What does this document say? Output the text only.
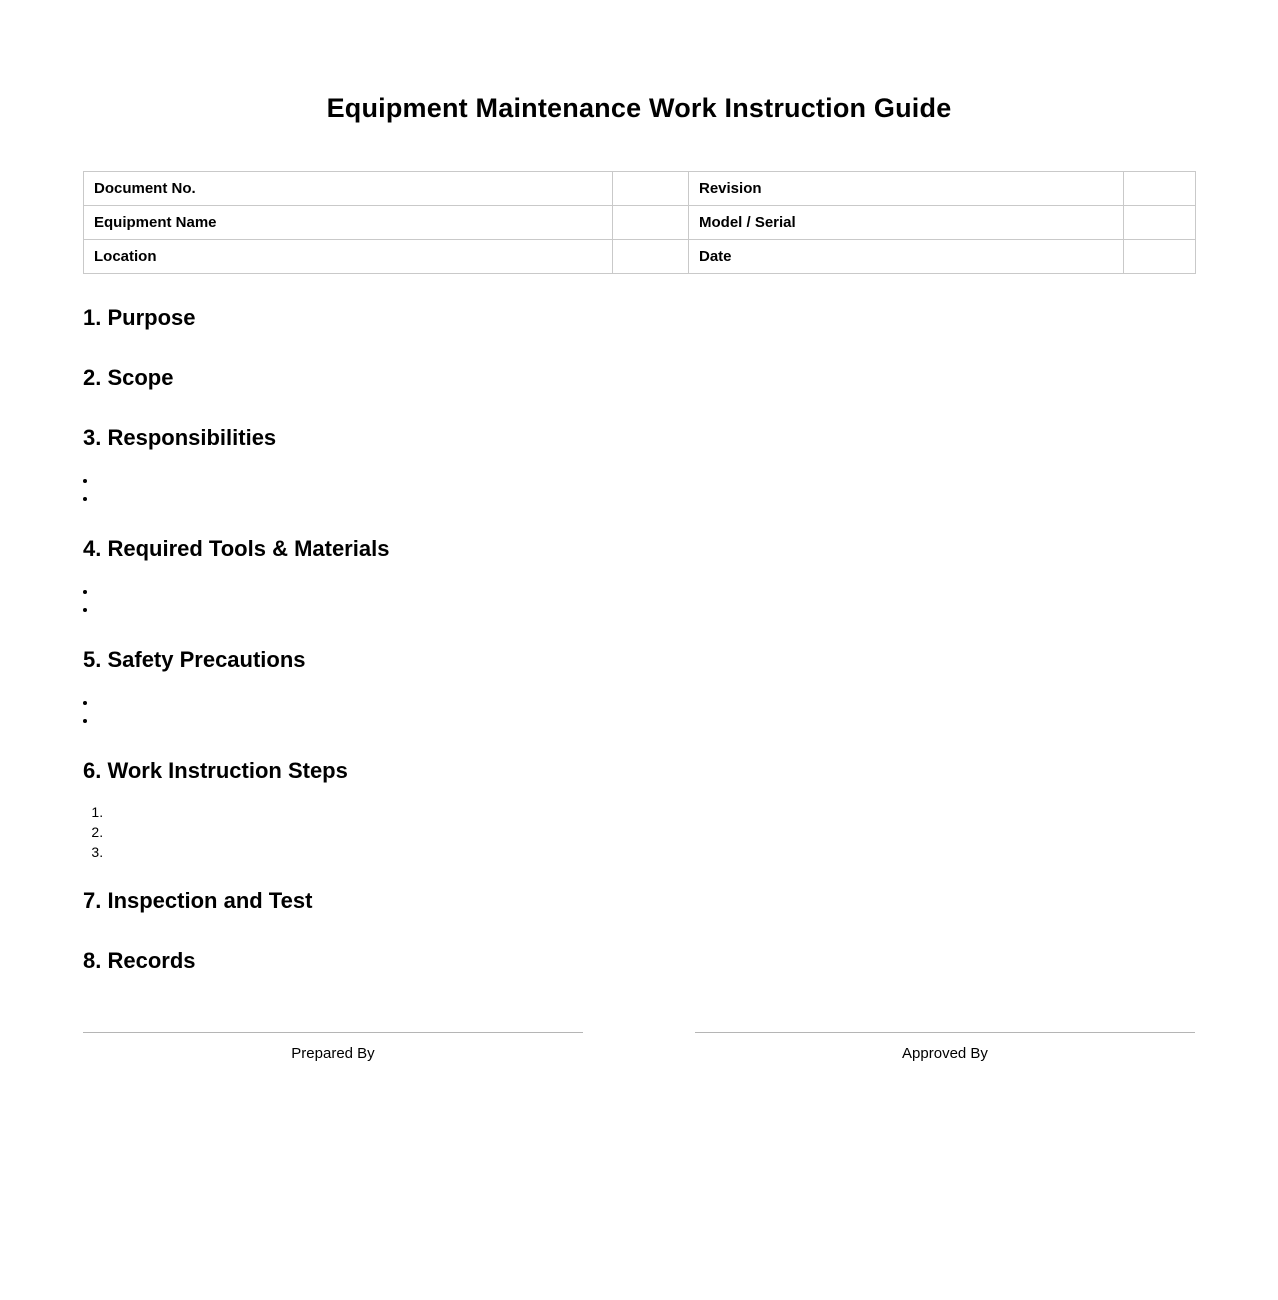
Equipment Maintenance Work Instruction Guide
Document No.		Revision	
Equipment Name		Model / Serial	
Location		Date	
1. Purpose
2. Scope
3. Responsibilities
• ​
• ​
4. Required Tools & Materials
• ​
• ​
5. Safety Precautions
• ​
• ​
6. Work Instruction Steps
1. ​
2. ​
3. ​
7. Inspection and Test
8. Records
Prepared By	Approved By
